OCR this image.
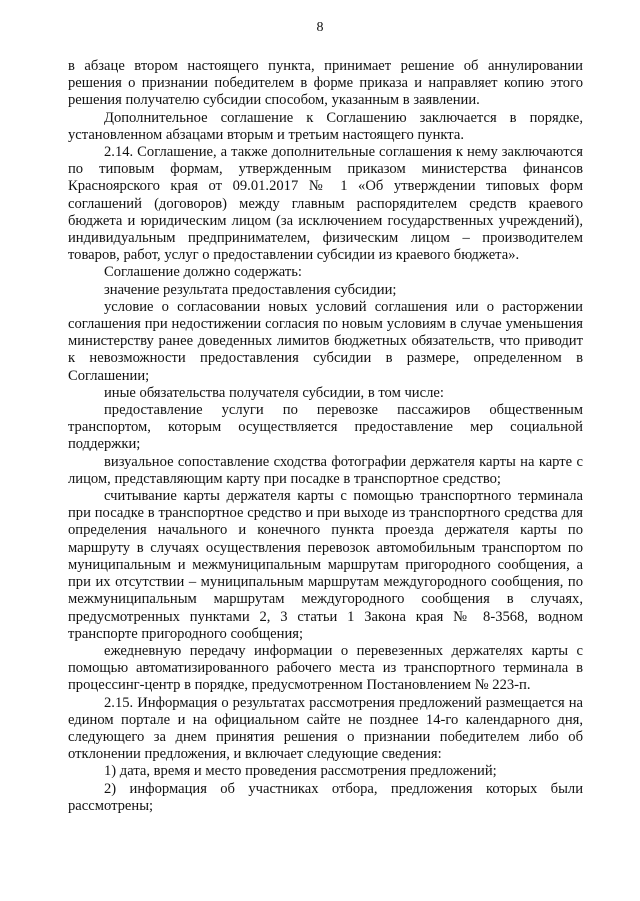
8

в абзаце втором настоящего пункта, принимает решение об аннулировании решения о признании победителем в форме приказа и направляет копию этого решения получателю субсидии способом, указанным в заявлении.

Дополнительное соглашение к Соглашению заключается в порядке, установленном абзацами вторым и третьим настоящего пункта.

2.14. Соглашение, а также дополнительные соглашения к нему заключаются по типовым формам, утвержденным приказом министерства финансов Красноярского края от 09.01.2017 № 1 «Об утверждении типовых форм соглашений (договоров) между главным распорядителем средств краевого бюджета и юридическим лицом (за исключением государственных учреждений), индивидуальным предпринимателем, физическим лицом – производителем товаров, работ, услуг о предоставлении субсидии из краевого бюджета».

Соглашение должно содержать:

значение результата предоставления субсидии;

условие о согласовании новых условий соглашения или о расторжении соглашения при недостижении согласия по новым условиям в случае уменьшения министерству ранее доведенных лимитов бюджетных обязательств, что приводит к невозможности предоставления субсидии в размере, определенном в Соглашении;

иные обязательства получателя субсидии, в том числе:

предоставление услуги по перевозке пассажиров общественным транспортом, которым осуществляется предоставление мер социальной поддержки;

визуальное сопоставление сходства фотографии держателя карты на карте с лицом, представляющим карту при посадке в транспортное средство;

считывание карты держателя карты с помощью транспортного терминала при посадке в транспортное средство и при выходе из транспортного средства для определения начального и конечного пункта проезда держателя карты по маршруту в случаях осуществления перевозок автомобильным транспортом по муниципальным и межмуниципальным маршрутам пригородного сообщения, а при их отсутствии – муниципальным маршрутам междугородного сообщения, по межмуниципальным маршрутам междугородного сообщения в случаях, предусмотренных пунктами 2, 3 статьи 1 Закона края № 8-3568, водном транспорте пригородного сообщения;

ежедневную передачу информации о перевезенных держателях карты с помощью автоматизированного рабочего места из транспортного терминала в процессинг-центр в порядке, предусмотренном Постановлением № 223-п.

2.15. Информация о результатах рассмотрения предложений размещается на едином портале и на официальном сайте не позднее 14-го календарного дня, следующего за днем принятия решения о признании победителем либо об отклонении предложения, и включает следующие сведения:

1) дата, время и место проведения рассмотрения предложений;

2) информация об участниках отбора, предложения которых были рассмотрены;
